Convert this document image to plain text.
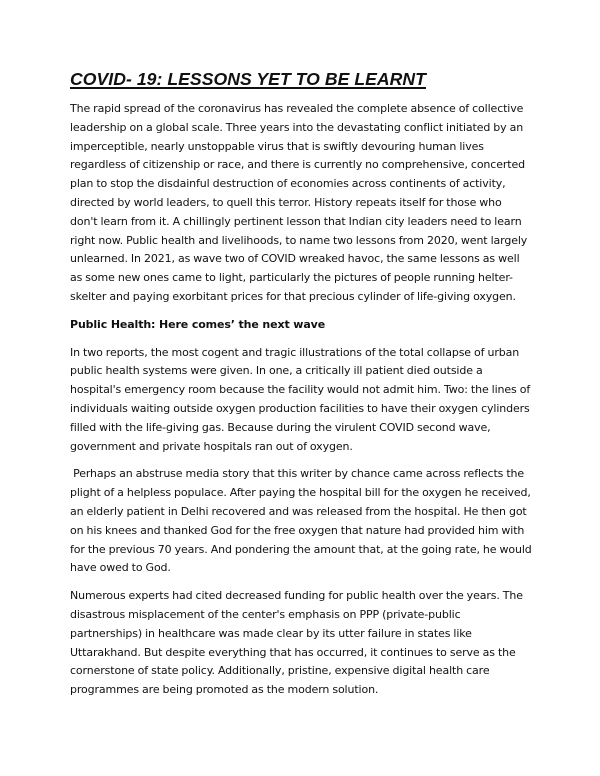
COVID- 19: LESSONS YET TO BE LEARNT

The rapid spread of the coronavirus has revealed the complete absence of collective leadership on a global scale. Three years into the devastating conflict initiated by an imperceptible, nearly unstoppable virus that is swiftly devouring human lives regardless of citizenship or race, and there is currently no comprehensive, concerted plan to stop the disdainful destruction of economies across continents of activity, directed by world leaders, to quell this terror. History repeats itself for those who don't learn from it. A chillingly pertinent lesson that Indian city leaders need to learn right now. Public health and livelihoods, to name two lessons from 2020, went largely unlearned. In 2021, as wave two of COVID wreaked havoc, the same lessons as well as some new ones came to light, particularly the pictures of people running helter-skelter and paying exorbitant prices for that precious cylinder of life-giving oxygen.

Public Health: Here comes’ the next wave

In two reports, the most cogent and tragic illustrations of the total collapse of urban public health systems were given. In one, a critically ill patient died outside a hospital's emergency room because the facility would not admit him. Two: the lines of individuals waiting outside oxygen production facilities to have their oxygen cylinders filled with the life-giving gas. Because during the virulent COVID second wave, government and private hospitals ran out of oxygen.

Perhaps an abstruse media story that this writer by chance came across reflects the plight of a helpless populace. After paying the hospital bill for the oxygen he received, an elderly patient in Delhi recovered and was released from the hospital. He then got on his knees and thanked God for the free oxygen that nature had provided him with for the previous 70 years. And pondering the amount that, at the going rate, he would have owed to God.

Numerous experts had cited decreased funding for public health over the years. The disastrous misplacement of the center's emphasis on PPP (private-public partnerships) in healthcare was made clear by its utter failure in states like Uttarakhand. But despite everything that has occurred, it continues to serve as the cornerstone of state policy. Additionally, pristine, expensive digital health care programmes are being promoted as the modern solution.
